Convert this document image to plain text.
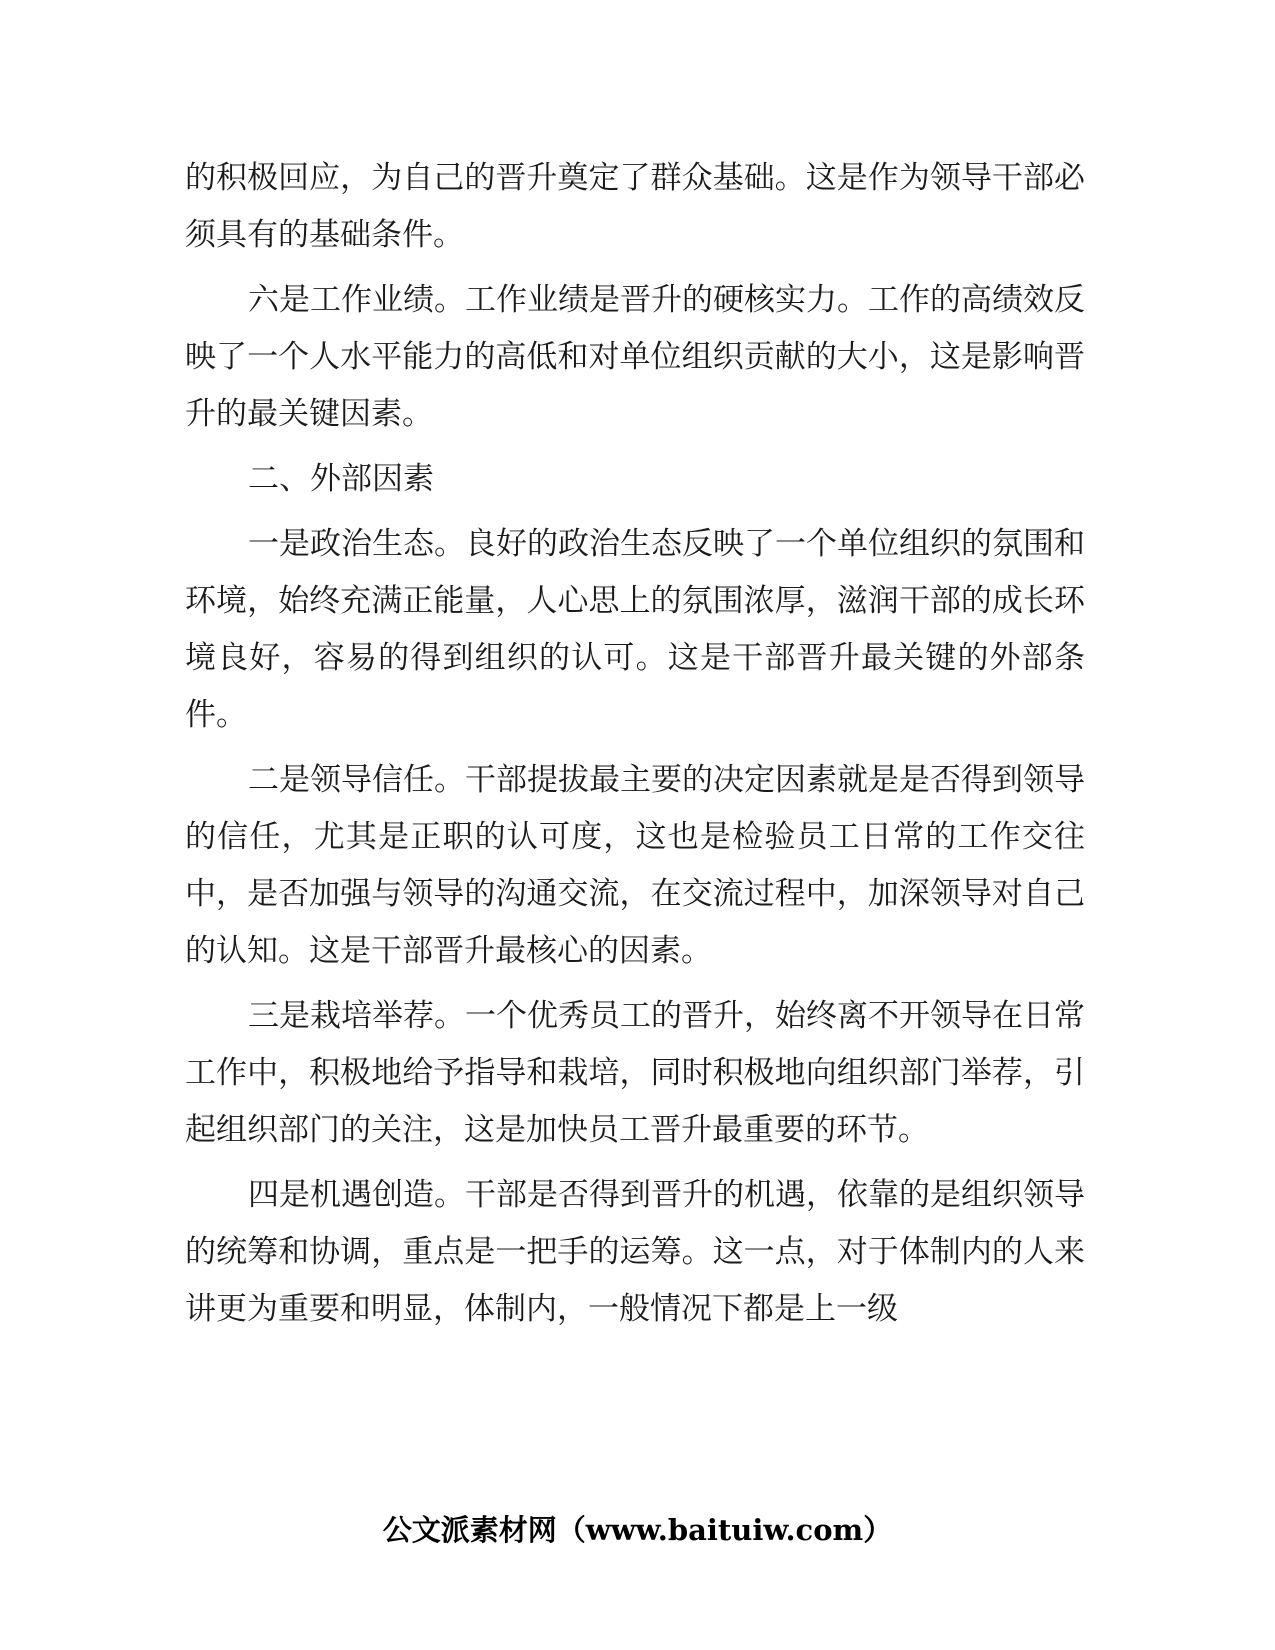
的积极回应，为自己的晋升奠定了群众基础。这是作为领导干部必须具有的基础条件。

六是工作业绩。工作业绩是晋升的硬核实力。工作的高绩效反映了一个人水平能力的高低和对单位组织贡献的大小，这是影响晋升的最关键因素。

二、外部因素

一是政治生态。良好的政治生态反映了一个单位组织的氛围和环境，始终充满正能量，人心思上的氛围浓厚，滋润干部的成长环境良好，容易的得到组织的认可。这是干部晋升最关键的外部条件。

二是领导信任。干部提拔最主要的决定因素就是是否得到领导的信任，尤其是正职的认可度，这也是检验员工日常的工作交往中，是否加强与领导的沟通交流，在交流过程中，加深领导对自己的认知。这是干部晋升最核心的因素。

三是栽培举荐。一个优秀员工的晋升，始终离不开领导在日常工作中，积极地给予指导和栽培，同时积极地向组织部门举荐，引起组织部门的关注，这是加快员工晋升最重要的环节。

四是机遇创造。干部是否得到晋升的机遇，依靠的是组织领导的统筹和协调，重点是一把手的运筹。这一点，对于体制内的人来讲更为重要和明显，体制内，一般情况下都是上一级

公文派素材网（www.baituiw.com）
